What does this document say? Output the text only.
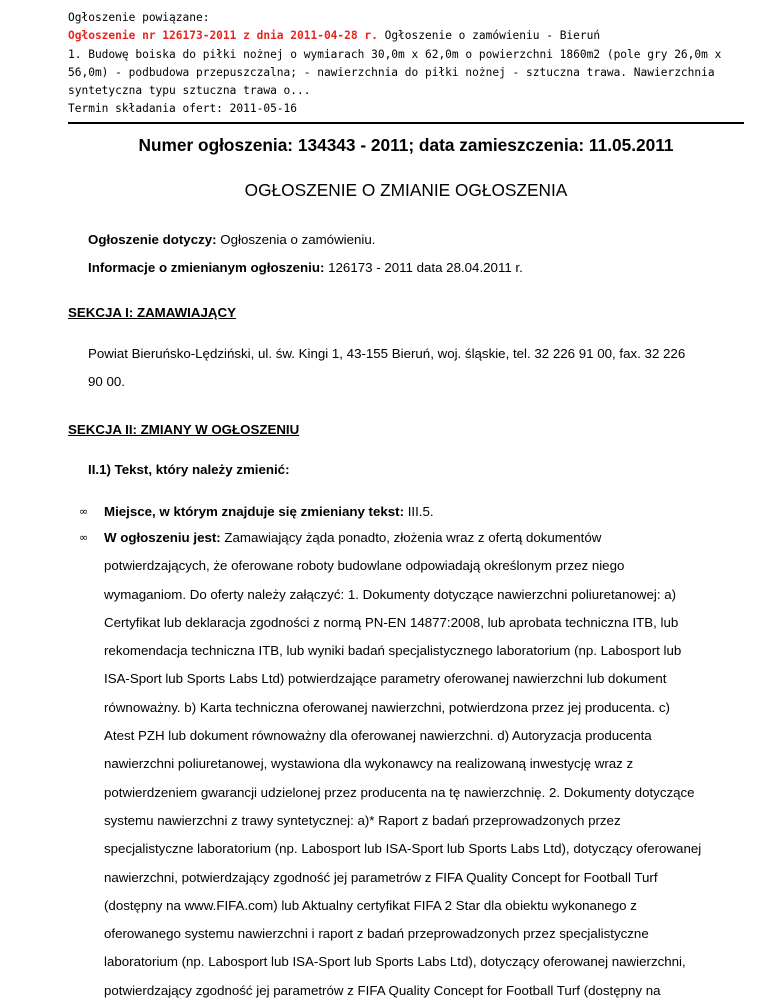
Ogłoszenie powiązane:
Ogłoszenie nr 126173-2011 z dnia 2011-04-28 r. Ogłoszenie o zamówieniu - Bieruń
1. Budowę boiska do piłki nożnej o wymiarach 30,0m x 62,0m o powierzchni 1860m2 (pole gry 26,0m x 56,0m) - podbudowa przepuszczalna; - nawierzchnia do piłki nożnej - sztuczna trawa. Nawierzchnia syntetyczna typu sztuczna trawa o...
Termin składania ofert: 2011-05-16
Numer ogłoszenia: 134343 - 2011; data zamieszczenia: 11.05.2011
OGŁOSZENIE O ZMIANIE OGŁOSZENIA
Ogłoszenie dotyczy: Ogłoszenia o zamówieniu.
Informacje o zmienianym ogłoszeniu: 126173 - 2011 data 28.04.2011 r.
SEKCJA I: ZAMAWIAJĄCY
Powiat Bieruńsko-Lędziński, ul. św. Kingi 1, 43-155 Bieruń, woj. śląskie, tel. 32 226 91 00, fax. 32 226
90 00.
SEKCJA II: ZMIANY W OGŁOSZENIU
II.1) Tekst, który należy zmienić:
∞ Miejsce, w którym znajduje się zmieniany tekst: III.5.
∞ W ogłoszeniu jest: Zamawiający żąda ponadto, złożenia wraz z ofertą dokumentów
potwierdzających, że oferowane roboty budowlane odpowiadają określonym przez niego
wymaganiom. Do oferty należy załączyć: 1. Dokumenty dotyczące nawierzchni poliuretanowej: a)
Certyfikat lub deklaracja zgodności z normą PN-EN 14877:2008, lub aprobata techniczna ITB, lub
rekomendacja techniczna ITB, lub wyniki badań specjalistycznego laboratorium (np. Labosport lub
ISA-Sport lub Sports Labs Ltd) potwierdzające parametry oferowanej nawierzchni lub dokument
równoważny. b) Karta techniczna oferowanej nawierzchni, potwierdzona przez jej producenta. c)
Atest PZH lub dokument równoważny dla oferowanej nawierzchni. d) Autoryzacja producenta
nawierzchni poliuretanowej, wystawiona dla wykonawcy na realizowaną inwestycję wraz z
potwierdzeniem gwarancji udzielonej przez producenta na tę nawierzchnię. 2. Dokumenty dotyczące
systemu nawierzchni z trawy syntetycznej: a)* Raport z badań przeprowadzonych przez
specjalistyczne laboratorium (np. Labosport lub ISA-Sport lub Sports Labs Ltd), dotyczący oferowanej
nawierzchni, potwierdzający zgodność jej parametrów z FIFA Quality Concept for Football Turf
(dostępny na www.FIFA.com) lub Aktualny certyfikat FIFA 2 Star dla obiektu wykonanego z
oferowanego systemu nawierzchni i raport z badań przeprowadzonych przez specjalistyczne
laboratorium (np. Labosport lub ISA-Sport lub Sports Labs Ltd), dotyczący oferowanej nawierzchni,
potwierdzający zgodność jej parametrów z FIFA Quality Concept for Football Turf (dostępny na
